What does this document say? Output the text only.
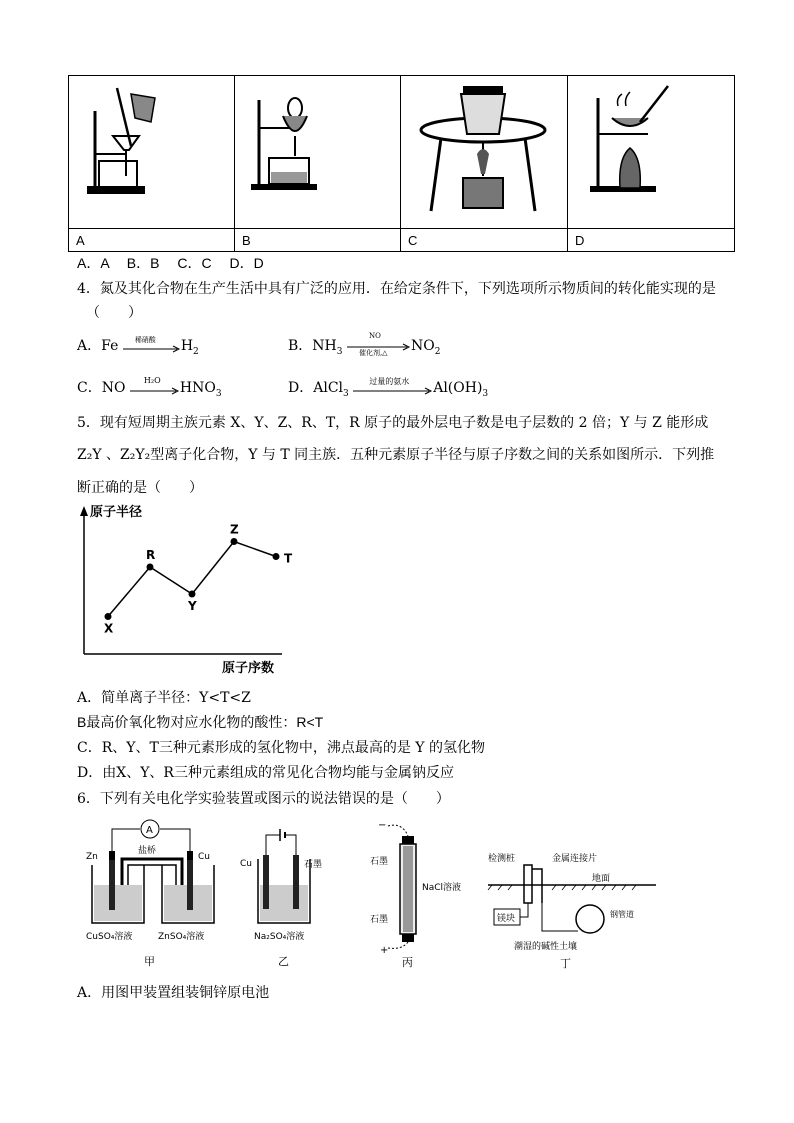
A	B	C	D
A．A　 B．B　 C．C　 D．D
4．氮及其化合物在生产生活中具有广泛的应用．在给定条件下，下列选项所示物质间的转化能实现的是
（　　）
A．Fe 稀硝酸 $H_2$	B．$NH_3$
NO
催化剂,△ $NO_2$
C．NO H₂O $HNO_3$	D．AlCl$_3$
过量的氨水 $Al(OH)_3$
5．现有短周期主族元素 X、Y、Z、R、T，R 原子的最外层电子数是电子层数的 2 倍；Y 与 Z 能形成
Z₂Y 、Z₂Y₂型离子化合物，Y 与 T 同主族．五种元素原子半径与原子序数之间的关系如图所示．下列推
断正确的是（　　）
原子半径
原子序数
X
R
Y
Z
T
A．简单离子半径：Y<T<Z
B最高价氧化物对应水化物的酸性：R<T
C．R、Y、T三种元素形成的氢化物中，沸点最高的是 Y 的氢化物
D．由X、Y、R三种元素组成的常见化合物均能与金属钠反应
6．下列有关电化学实验装置或图示的说法错误的是（　　）
A
Zn	Cu
盐桥
CuSO₄溶液	ZnSO₄溶液
甲
Cu	石墨
Na₂SO₄溶液
乙
−
石墨
NaCl溶液
石墨
+
丙
检测桩	金属连接片
地面
镁块	钢管道
潮湿的碱性土壤
丁
A．用图甲装置组装铜锌原电池
